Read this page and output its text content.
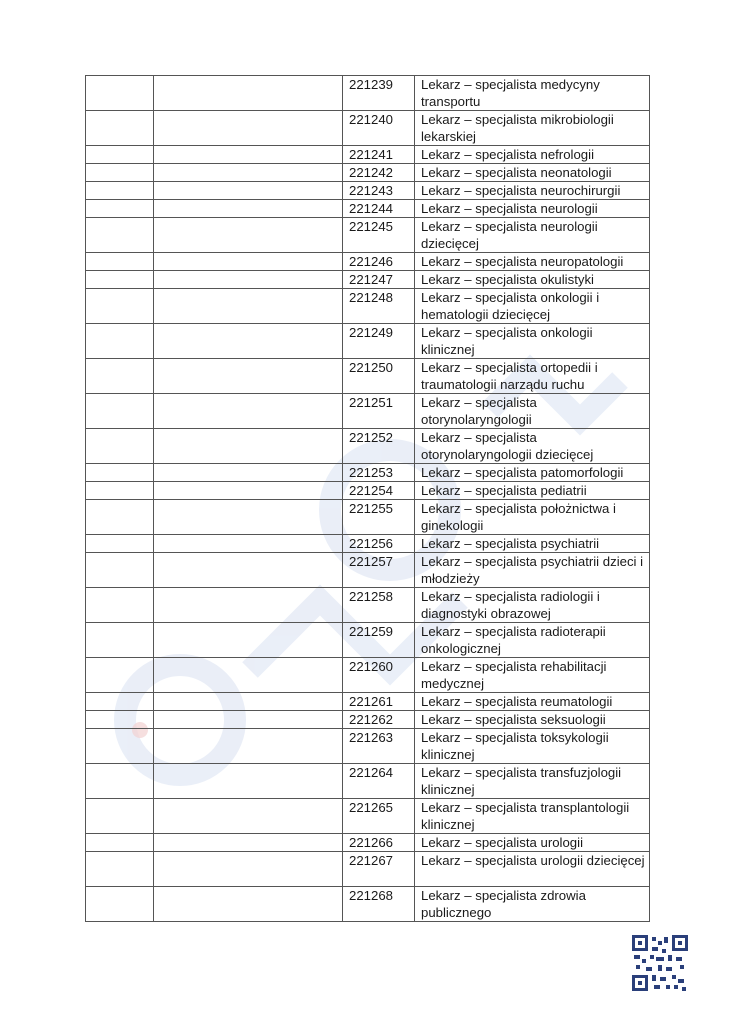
		221239	Lekarz – specjalista medycyny transportu
		221240	Lekarz – specjalista mikrobiologii lekarskiej
		221241	Lekarz – specjalista nefrologii
		221242	Lekarz – specjalista neonatologii
		221243	Lekarz – specjalista neurochirurgii
		221244	Lekarz – specjalista neurologii
		221245	Lekarz – specjalista neurologii dziecięcej
		221246	Lekarz – specjalista neuropatologii
		221247	Lekarz – specjalista okulistyki
		221248	Lekarz – specjalista onkologii i hematologii dziecięcej
		221249	Lekarz – specjalista onkologii klinicznej
		221250	Lekarz – specjalista ortopedii i traumatologii narządu ruchu
		221251	Lekarz – specjalista otorynolaryngologii
		221252	Lekarz – specjalista otorynolaryngologii dziecięcej
		221253	Lekarz – specjalista patomorfologii
		221254	Lekarz – specjalista pediatrii
		221255	Lekarz – specjalista położnictwa i ginekologii
		221256	Lekarz – specjalista psychiatrii
		221257	Lekarz – specjalista psychiatrii dzieci i młodzieży
		221258	Lekarz – specjalista radiologii i diagnostyki obrazowej
		221259	Lekarz – specjalista radioterapii onkologicznej
		221260	Lekarz – specjalista rehabilitacji medycznej
		221261	Lekarz – specjalista reumatologii
		221262	Lekarz – specjalista seksuologii
		221263	Lekarz – specjalista toksykologii klinicznej
		221264	Lekarz – specjalista transfuzjologii klinicznej
		221265	Lekarz – specjalista transplantologii klinicznej
		221266	Lekarz – specjalista urologii
		221267	Lekarz – specjalista urologii dziecięcej
		221268	Lekarz – specjalista zdrowia publicznego
